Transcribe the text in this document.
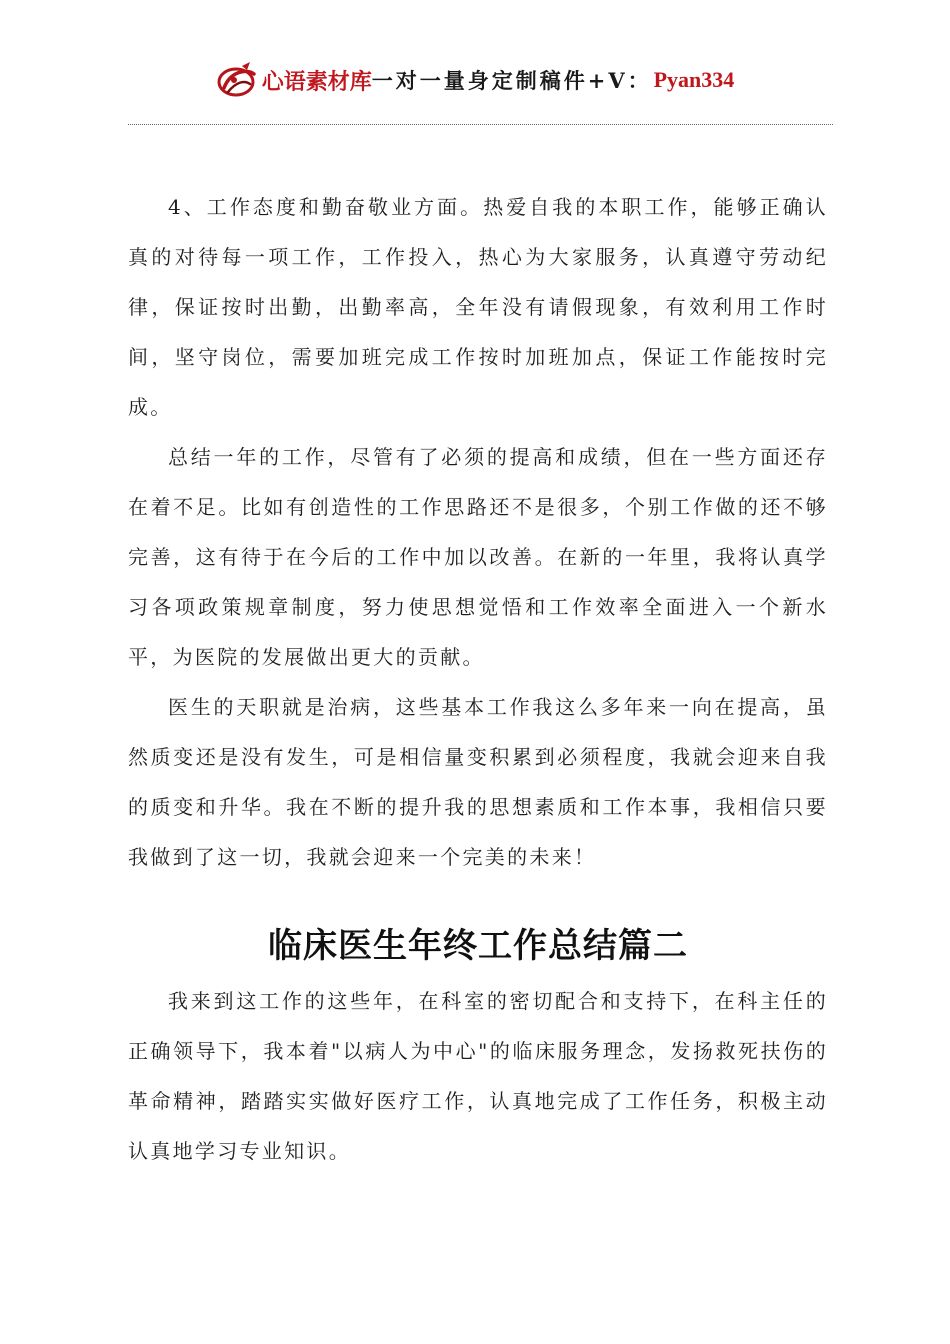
心语素材库 一对一量身定制稿件+V： Pyan334

4、工作态度和勤奋敬业方面。热爱自我的本职工作，能够正确认真的对待每一项工作，工作投入，热心为大家服务，认真遵守劳动纪律，保证按时出勤，出勤率高，全年没有请假现象，有效利用工作时间，坚守岗位，需要加班完成工作按时加班加点，保证工作能按时完成。

总结一年的工作，尽管有了必须的提高和成绩，但在一些方面还存在着不足。比如有创造性的工作思路还不是很多，个别工作做的还不够完善，这有待于在今后的工作中加以改善。在新的一年里，我将认真学习各项政策规章制度，努力使思想觉悟和工作效率全面进入一个新水平，为医院的发展做出更大的贡献。

医生的天职就是治病，这些基本工作我这么多年来一向在提高，虽然质变还是没有发生，可是相信量变积累到必须程度，我就会迎来自我的质变和升华。我在不断的提升我的思想素质和工作本事，我相信只要我做到了这一切，我就会迎来一个完美的未来！

临床医生年终工作总结篇二

我来到这工作的这些年，在科室的密切配合和支持下，在科主任的正确领导下，我本着"以病人为中心"的临床服务理念，发扬救死扶伤的革命精神，踏踏实实做好医疗工作，认真地完成了工作任务，积极主动认真地学习专业知识。
